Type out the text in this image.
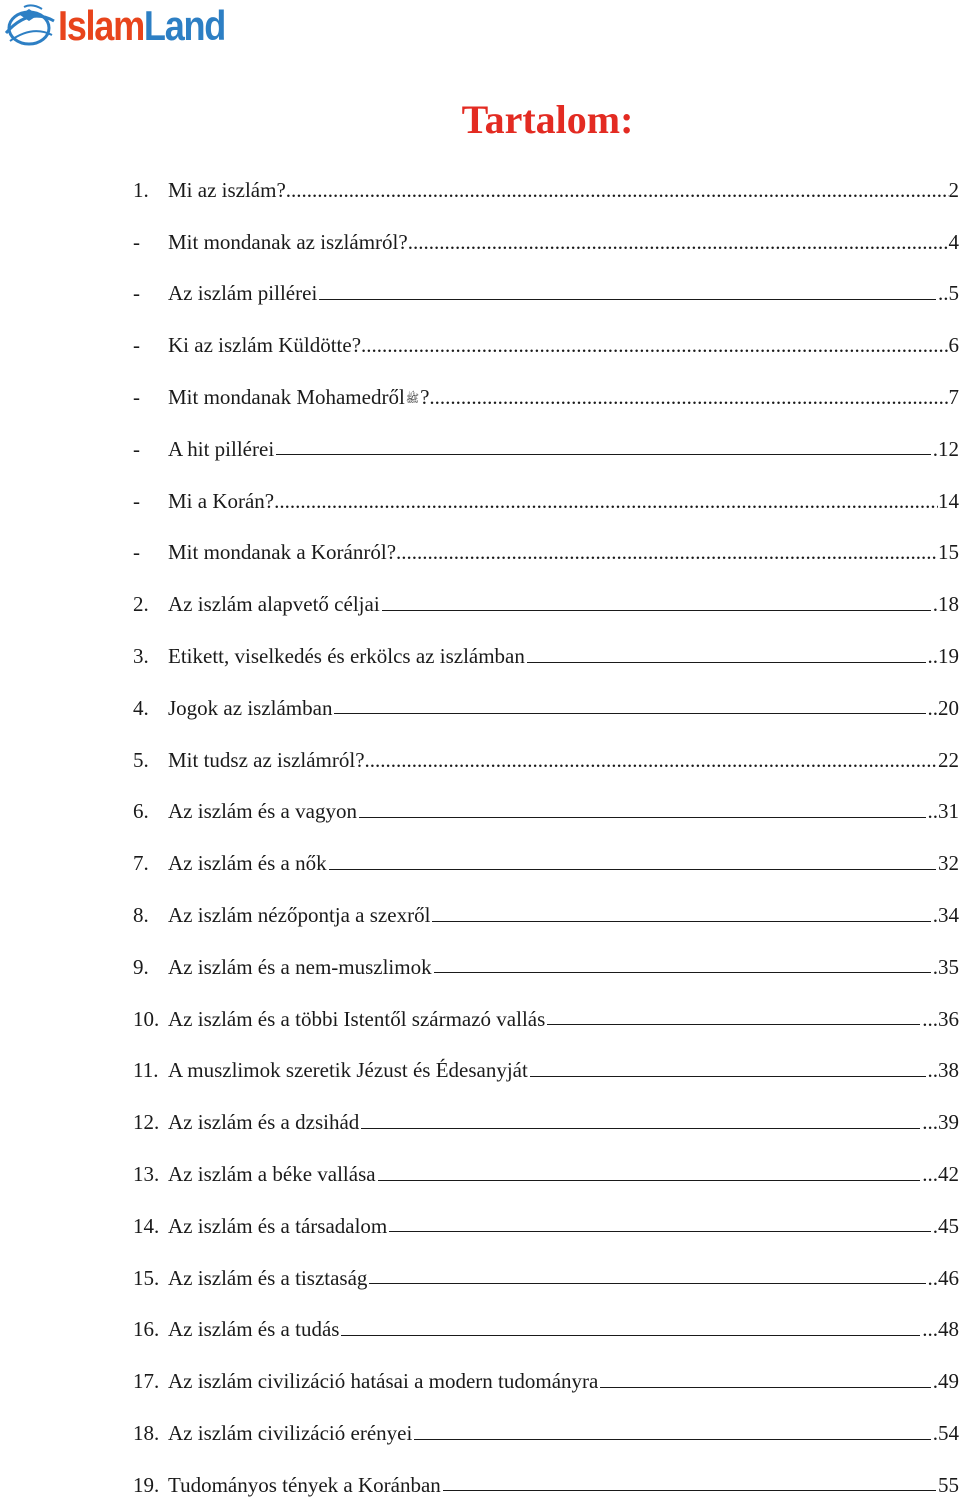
IslamLand
Tartalom:
1. Mi az iszlám? .....	2
-	Mit mondanak az iszlámról? .....	4
-	Az iszlám pillérei	..5
-	Ki az iszlám Küldötte? .....	6
-	Mit mondanak Mohamedrőlﷺ? .....	7
-	A hit pillérei	.12
-	Mi a Korán? .....	14
-	Mit mondanak a Koránról? .....	15
2. Az iszlám alapvető céljai	.18
3. Etikett, viselkedés és erkölcs az iszlámban	..19
4. Jogok az iszlámban	..20
5. Mit tudsz az iszlámról? .....	22
6. Az iszlám és a vagyon	..31
7. Az iszlám és a nők	32
8. Az iszlám nézőpontja a szexről	.34
9. Az iszlám és a nem-muszlimok	.35
10. Az iszlám és a többi Istentől származó vallás	...36
11. A muszlimok szeretik Jézust és Édesanyját	..38
12. Az iszlám és a dzsihád	...39
13. Az iszlám a béke vallása	...42
14. Az iszlám és a társadalom	.45
15. Az iszlám és a tisztaság	..46
16. Az iszlám és a tudás	...48
17. Az iszlám civilizáció hatásai a modern tudományra	.49
18. Az iszlám civilizáció erényei	.54
19. Tudományos tények a Koránban	55
